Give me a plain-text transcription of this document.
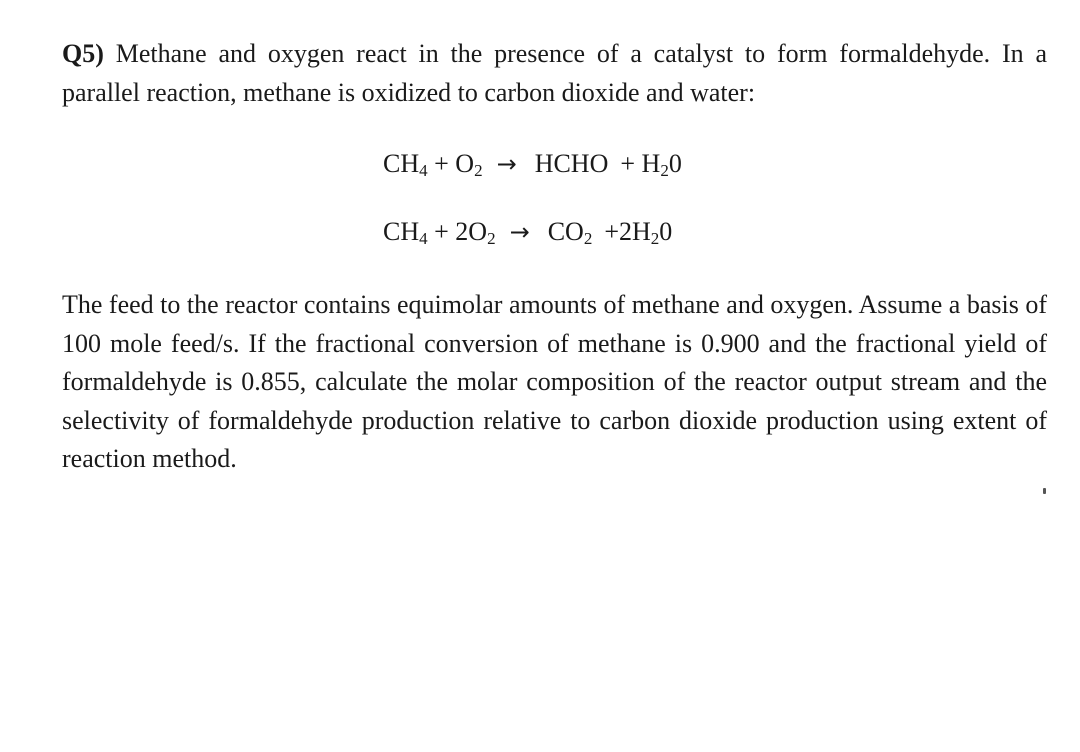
Q5) Methane and oxygen react in the presence of a catalyst to form formaldehyde. In a parallel reaction, methane is oxidized to carbon dioxide and water:

$CH_4 + O_2$ → HCHO + $H_20$
$CH_4 + 2O_2 \to CO_2 +2H_20$

The feed to the reactor contains equimolar amounts of methane and oxygen. Assume a basis of 100 mole feed/s. If the fractional conversion of methane is 0.900 and the fractional yield of formaldehyde is 0.855, calculate the molar composition of the reactor output stream and the selectivity of formaldehyde production relative to carbon dioxide production using extent of reaction method.
